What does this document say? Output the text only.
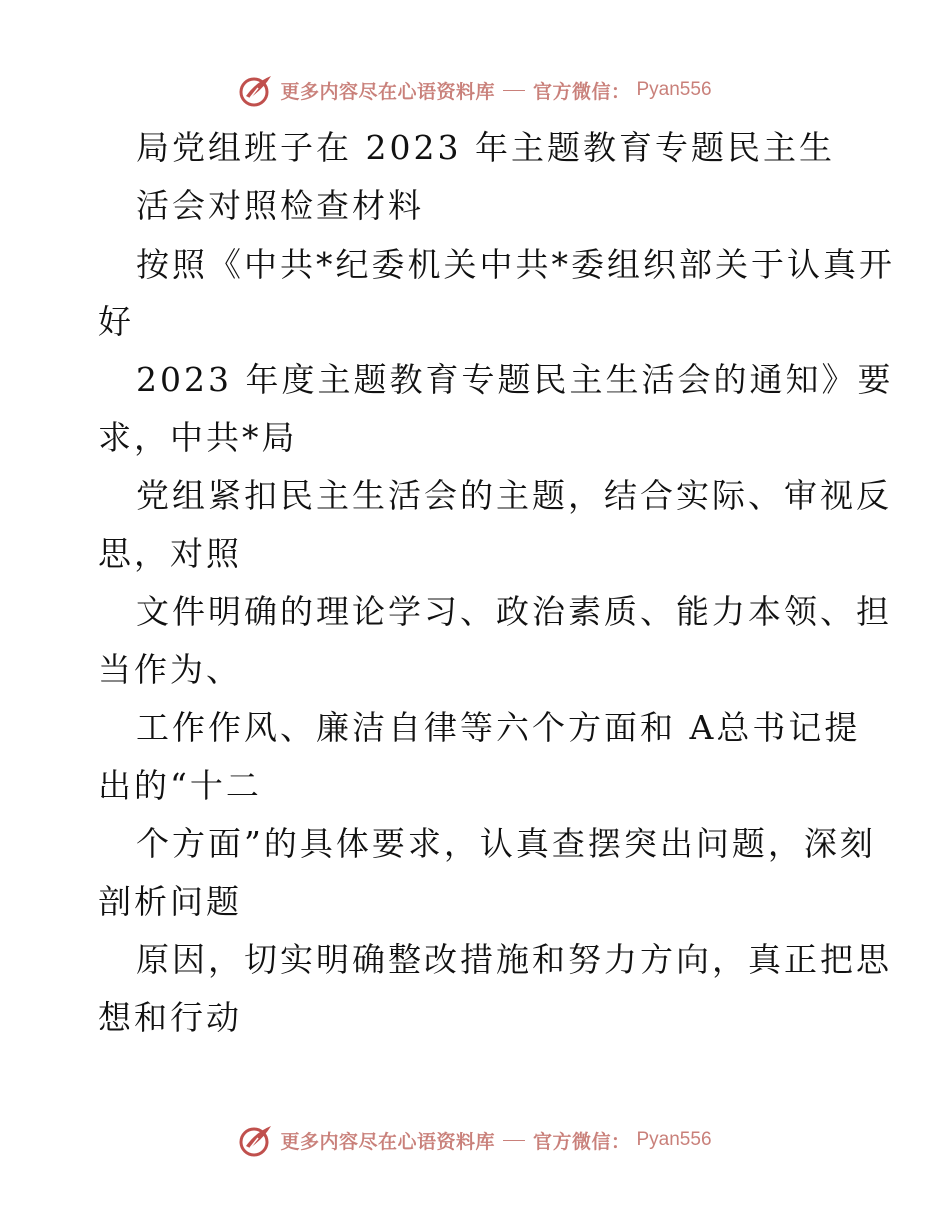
更多内容尽在心语资料库 官方微信： Pyan556
局党组班子在 2023 年主题教育专题民主生
活会对照检查材料
按照《中共*纪委机关中共*委组织部关于认真开
好
2023 年度主题教育专题民主生活会的通知》要
求，中共*局
党组紧扣民主生活会的主题，结合实际、审视反
思，对照
文件明确的理论学习、政治素质、能力本领、担
当作为、
工作作风、廉洁自律等六个方面和 A总书记提
出的“十二
个方面”的具体要求，认真查摆突出问题，深刻
剖析问题
原因，切实明确整改措施和努力方向，真正把思
想和行动
更多内容尽在心语资料库 官方微信： Pyan556
